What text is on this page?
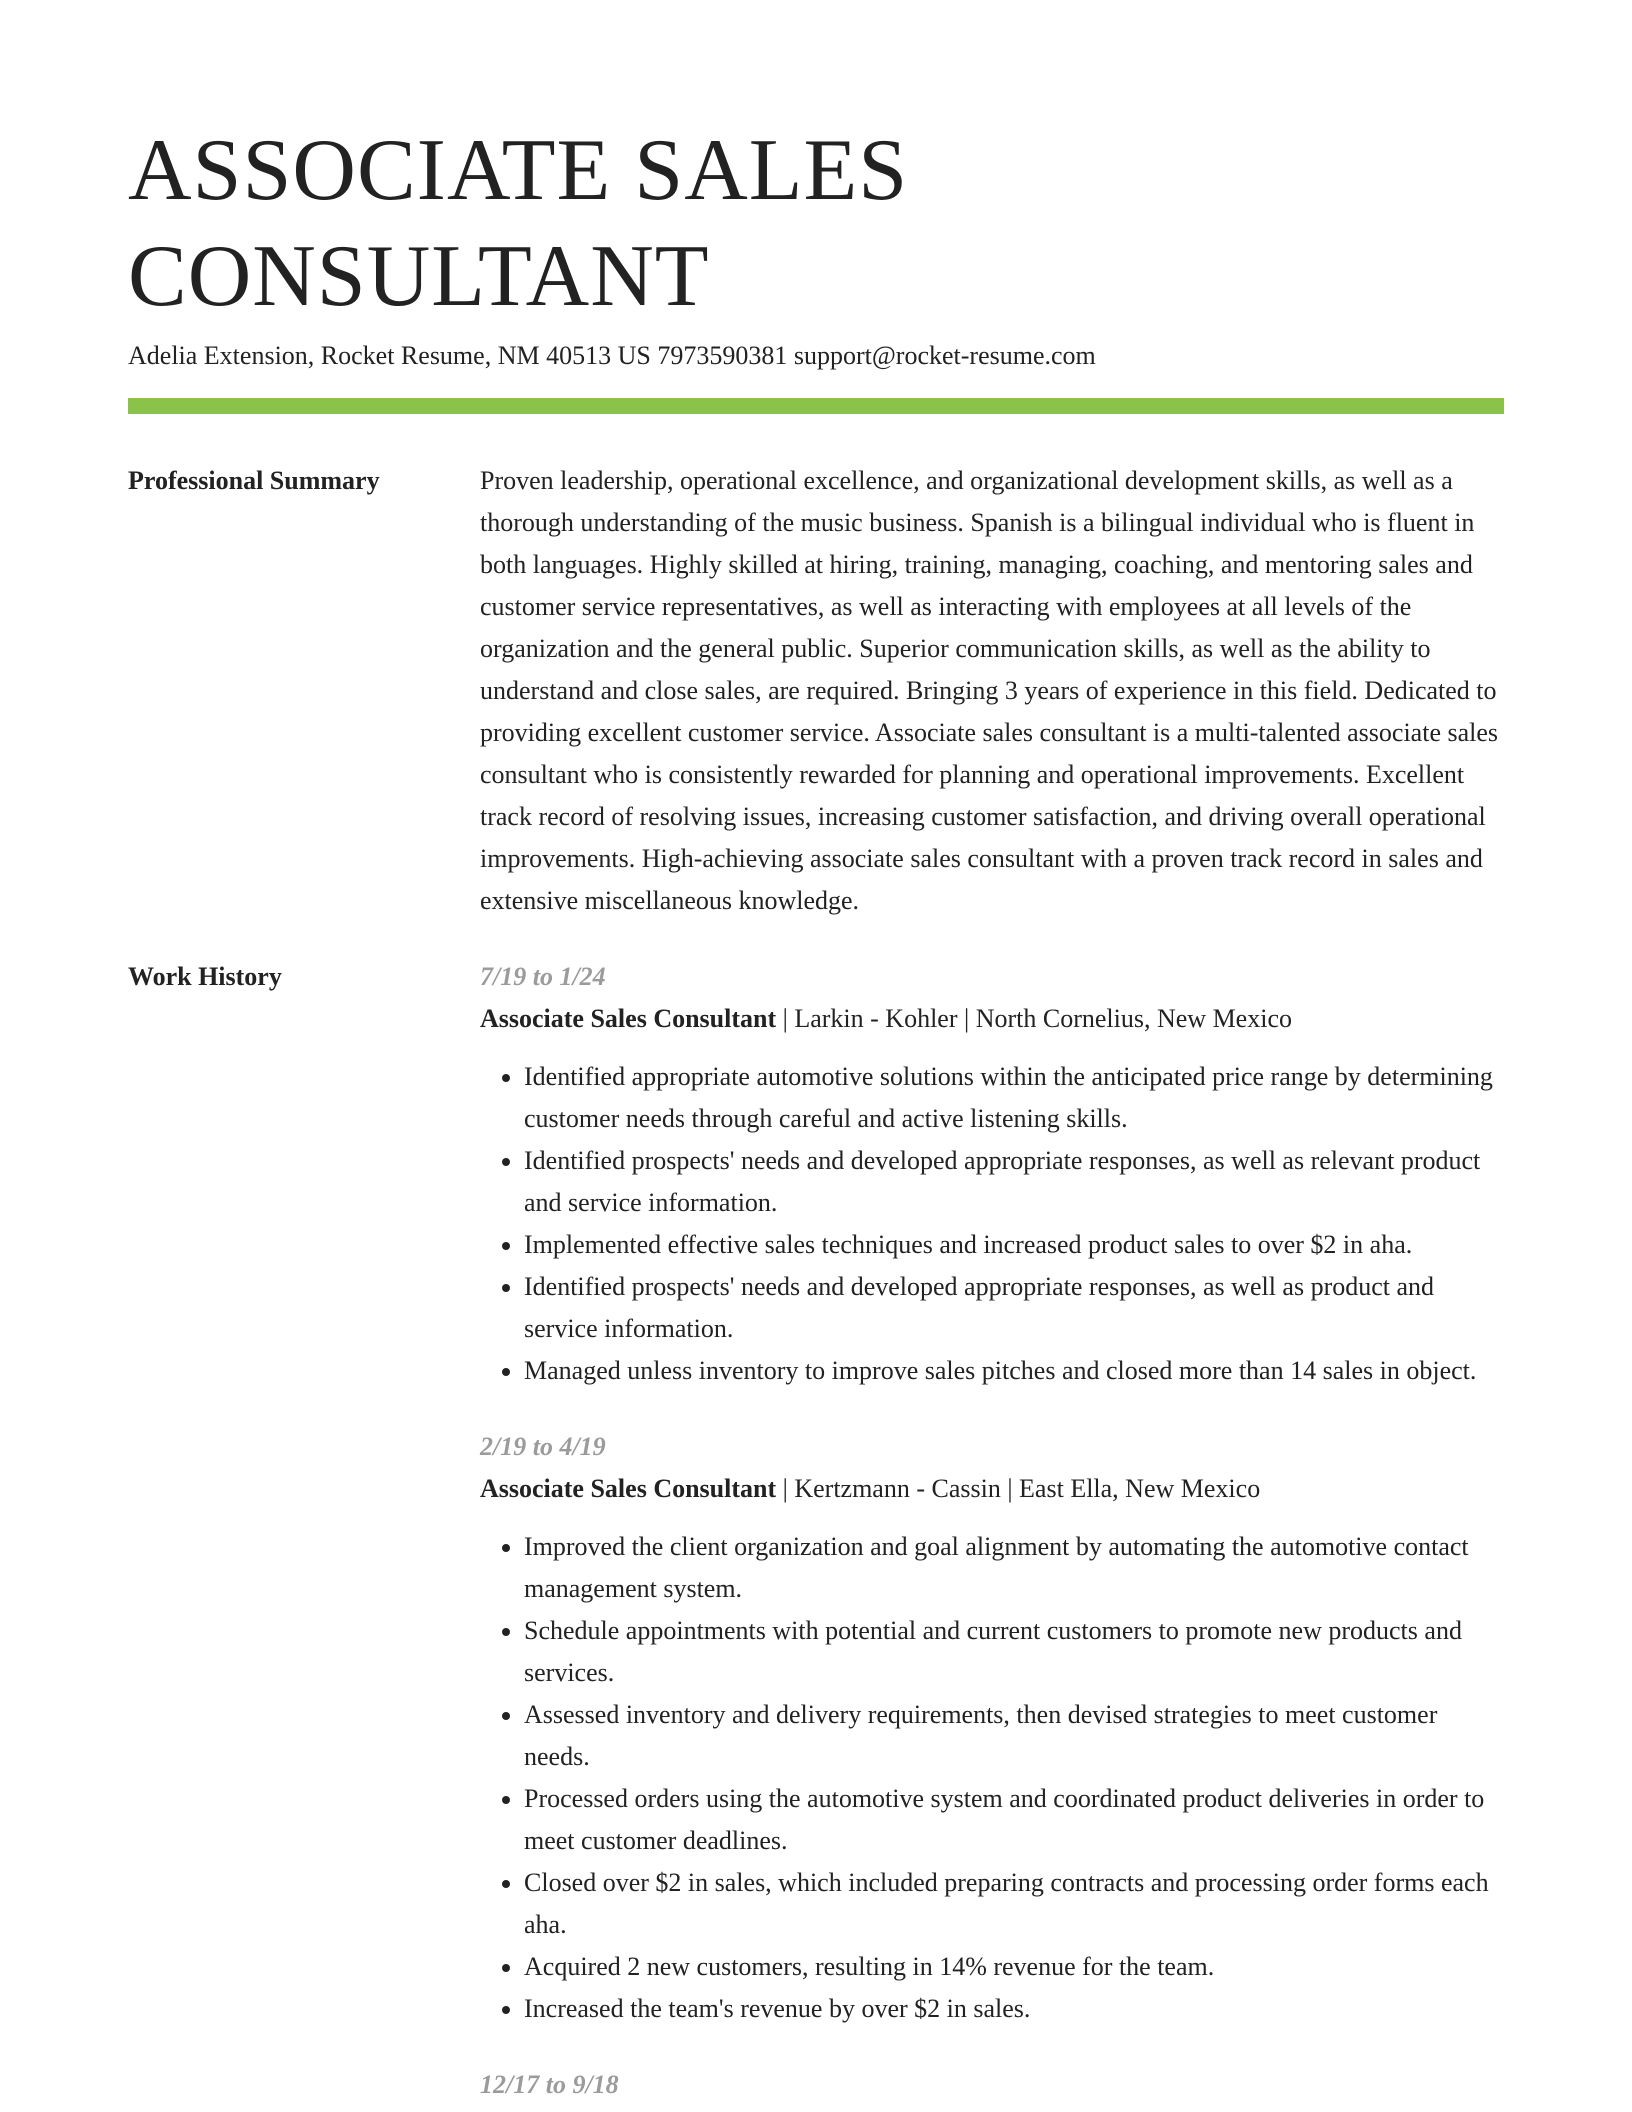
ASSOCIATE SALES CONSULTANT
Adelia Extension, Rocket Resume, NM 40513 US 7973590381 support@rocket-resume.com
Professional Summary	Proven leadership, operational excellence, and organizational development skills, as well as a thorough understanding of the music business. Spanish is a bilingual individual who is fluent in both languages. Highly skilled at hiring, training, managing, coaching, and mentoring sales and customer service representatives, as well as interacting with employees at all levels of the organization and the general public. Superior communication skills, as well as the ability to understand and close sales, are required. Bringing 3 years of experience in this field. Dedicated to providing excellent customer service. Associate sales consultant is a multi-talented associate sales consultant who is consistently rewarded for planning and operational improvements. Excellent track record of resolving issues, increasing customer satisfaction, and driving overall operational improvements. High-achieving associate sales consultant with a proven track record in sales and extensive miscellaneous knowledge.

Work History	7/19 to 1/24
Associate Sales Consultant | Larkin - Kohler | North Cornelius, New Mexico
• Identified appropriate automotive solutions within the anticipated price range by determining customer needs through careful and active listening skills.
• Identified prospects' needs and developed appropriate responses, as well as relevant product and service information.
• Implemented effective sales techniques and increased product sales to over $2 in aha.
• Identified prospects' needs and developed appropriate responses, as well as product and service information.
• Managed unless inventory to improve sales pitches and closed more than 14 sales in object.
2/19 to 4/19
Associate Sales Consultant | Kertzmann - Cassin | East Ella, New Mexico
• Improved the client organization and goal alignment by automating the automotive contact management system.
• Schedule appointments with potential and current customers to promote new products and services.
• Assessed inventory and delivery requirements, then devised strategies to meet customer needs.
• Processed orders using the automotive system and coordinated product deliveries in order to meet customer deadlines.
• Closed over $2 in sales, which included preparing contracts and processing order forms each aha.
• Acquired 2 new customers, resulting in 14% revenue for the team.
• Increased the team's revenue by over $2 in sales.
12/17 to 9/18
